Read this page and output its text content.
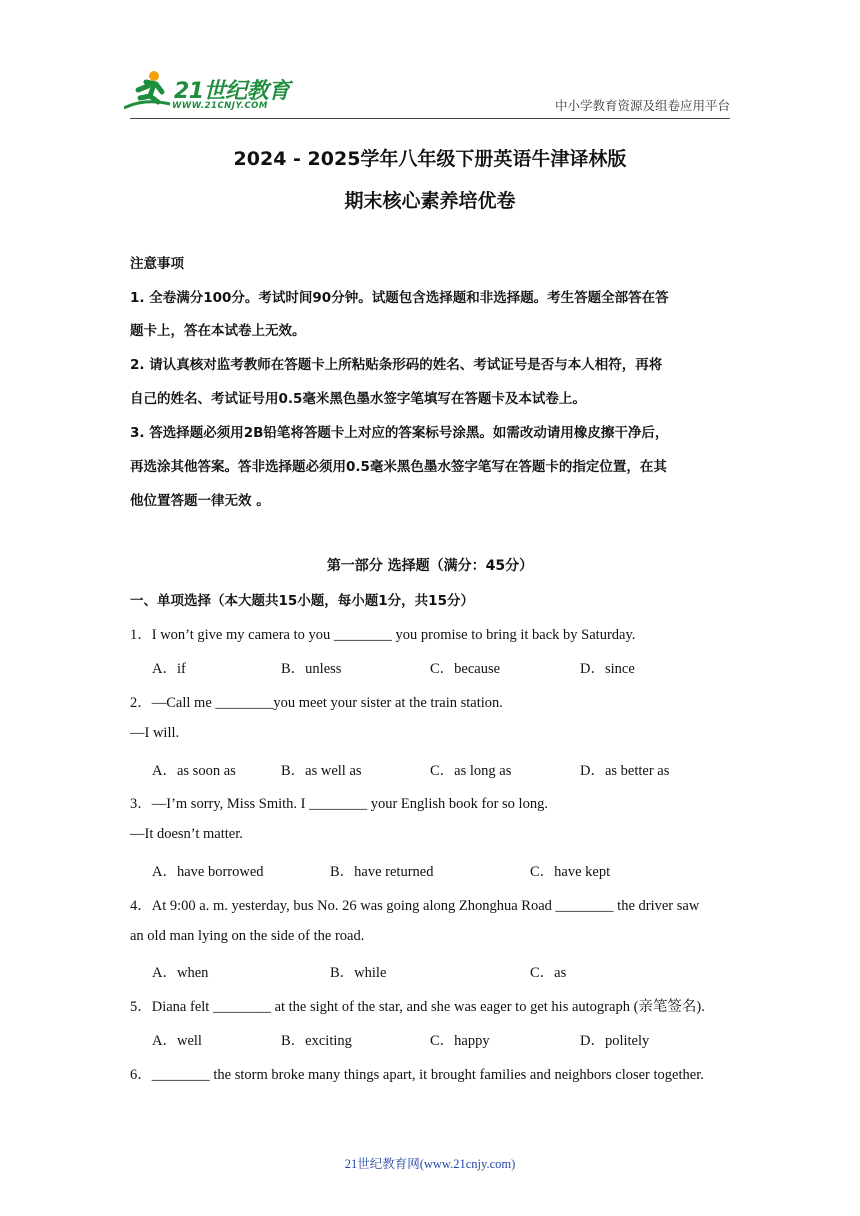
21世纪教育
WWW.21CNJY.COM	中小学教育资源及组卷应用平台
2024 - 2025学年八年级下册英语牛津译林版
期末核心素养培优卷
注意事项
1. 全卷满分100分。考试时间90分钟。试题包含选择题和非选择题。考生答题全部答在答
题卡上，答在本试卷上无效。
2. 请认真核对监考教师在答题卡上所粘贴条形码的姓名、考试证号是否与本人相符，再将
自己的姓名、考试证号用0.5毫米黑色墨水签字笔填写在答题卡及本试卷上。
3. 答选择题必须用2B铅笔将答题卡上对应的答案标号涂黑。如需改动请用橡皮擦干净后，
再选涂其他答案。答非选择题必须用0.5毫米黑色墨水签字笔写在答题卡的指定位置，在其
他位置答题一律无效 。
第一部分 选择题（满分：45分）
一、单项选择（本大题共15小题，每小题1分，共15分）
1．I won’t give my camera to you ________ you promise to bring it back by Saturday.
A．if	B．unless	C．because	D．since
2．—Call me ________you meet your sister at the train station.
—I will.
A．as soon as	B．as well as	C．as long as	D．as better as
3．—I’m sorry, Miss Smith. I ________ your English book for so long.
—It doesn’t matter.
A．have borrowed	B．have returned	C．have kept
4．At 9:00 a. m. yesterday, bus No. 26 was going along Zhonghua Road ________ the driver saw
an old man lying on the side of the road.
A．when	B．while	C．as
5．Diana felt ________ at the sight of the star, and she was eager to get his autograph (亲笔签名).
A．well	B．exciting	C．happy	D．politely
6．________ the storm broke many things apart, it brought families and neighbors closer together.
21世纪教育网(www.21cnjy.com)
